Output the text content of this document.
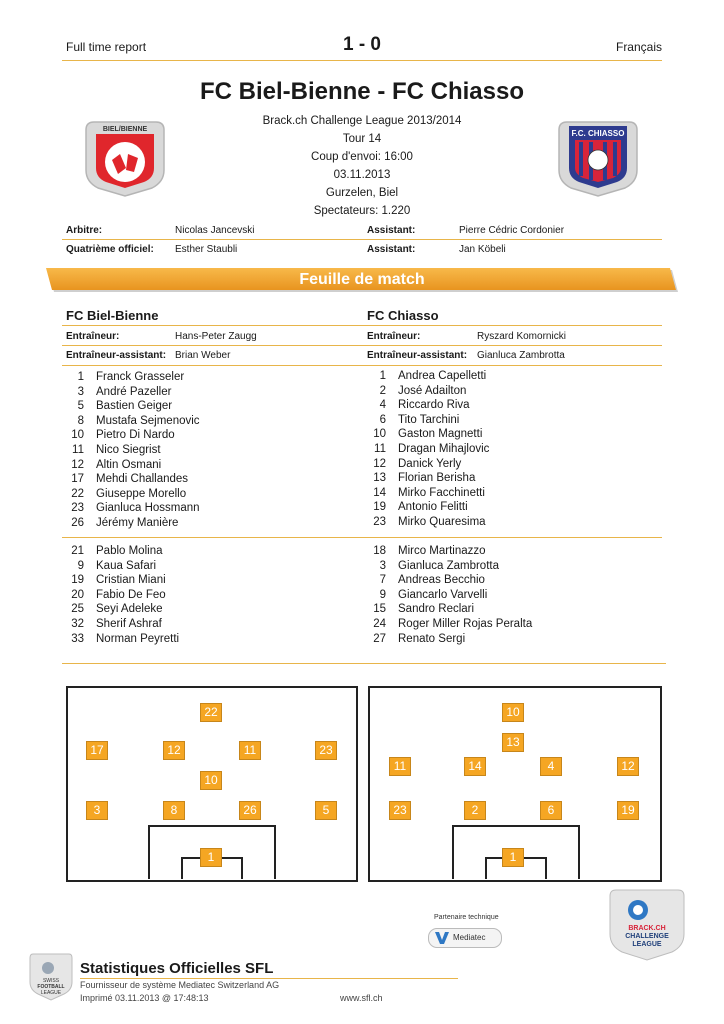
Full time report	1 - 0	Français
FC Biel-Bienne - FC Chiasso
Brack.ch Challenge League 2013/2014
Tour 14
Coup d'envoi: 16:00
03.11.2013
Gurzelen, Biel
Spectateurs: 1.220
BIEL/BIENNE	F.C. CHIASSO
Arbitre:	Nicolas Jancevski	Assistant:	Pierre Cédric Cordonier
Quatrième officiel: Esther Staubli	Assistant:	Jan Köbeli
Feuille de match
FC Biel-Bienne	FC Chiasso
Entraîneur:	Hans-Peter Zaugg	Entraîneur:	Ryszard Komornicki
Entraîneur-assistant: Brian Weber	Entraîneur-assistant: Gianluca Zambrotta
1 Franck Grasseler
3 André Pazeller
5 Bastien Geiger
8 Mustafa Sejmenovic
10 Pietro Di Nardo
11 Nico Siegrist
12 Altin Osmani
17 Mehdi Challandes
22 Giuseppe Morello
23 Gianluca Hossmann
26 Jérémy Manière
1 Andrea Capelletti
2 José Adailton
4 Riccardo Riva
6 Tito Tarchini
10 Gaston Magnetti
11 Dragan Mihajlovic
12 Danick Yerly
13 Florian Berisha
14 Mirko Facchinetti
19 Antonio Felitti
23 Mirko Quaresima
21 Pablo Molina
9 Kaua Safari
19 Cristian Miani
20 Fabio De Feo
25 Seyi Adeleke
32 Sherif Ashraf
33 Norman Peyretti
18 Mirco Martinazzo
3 Gianluca Zambrotta
7 Andreas Becchio
9 Giancarlo Varvelli
15 Sandro Reclari
24 Roger Miller Rojas Peralta
27 Renato Sergi
22
17	12	11	23
10
3	8	26	5
1
10
13
11	14	4	12
23	2	6	19
1
Partenaire technique
Mediatec
BRACK.CH
CHALLENGE
LEAGUE
SWISS
FOOTBALL
LEAGUE
Statistiques Officielles SFL
Fournisseur de système Mediatec Switzerland AG
Imprimé 03.11.2013 @ 17:48:13	www.sfl.ch
